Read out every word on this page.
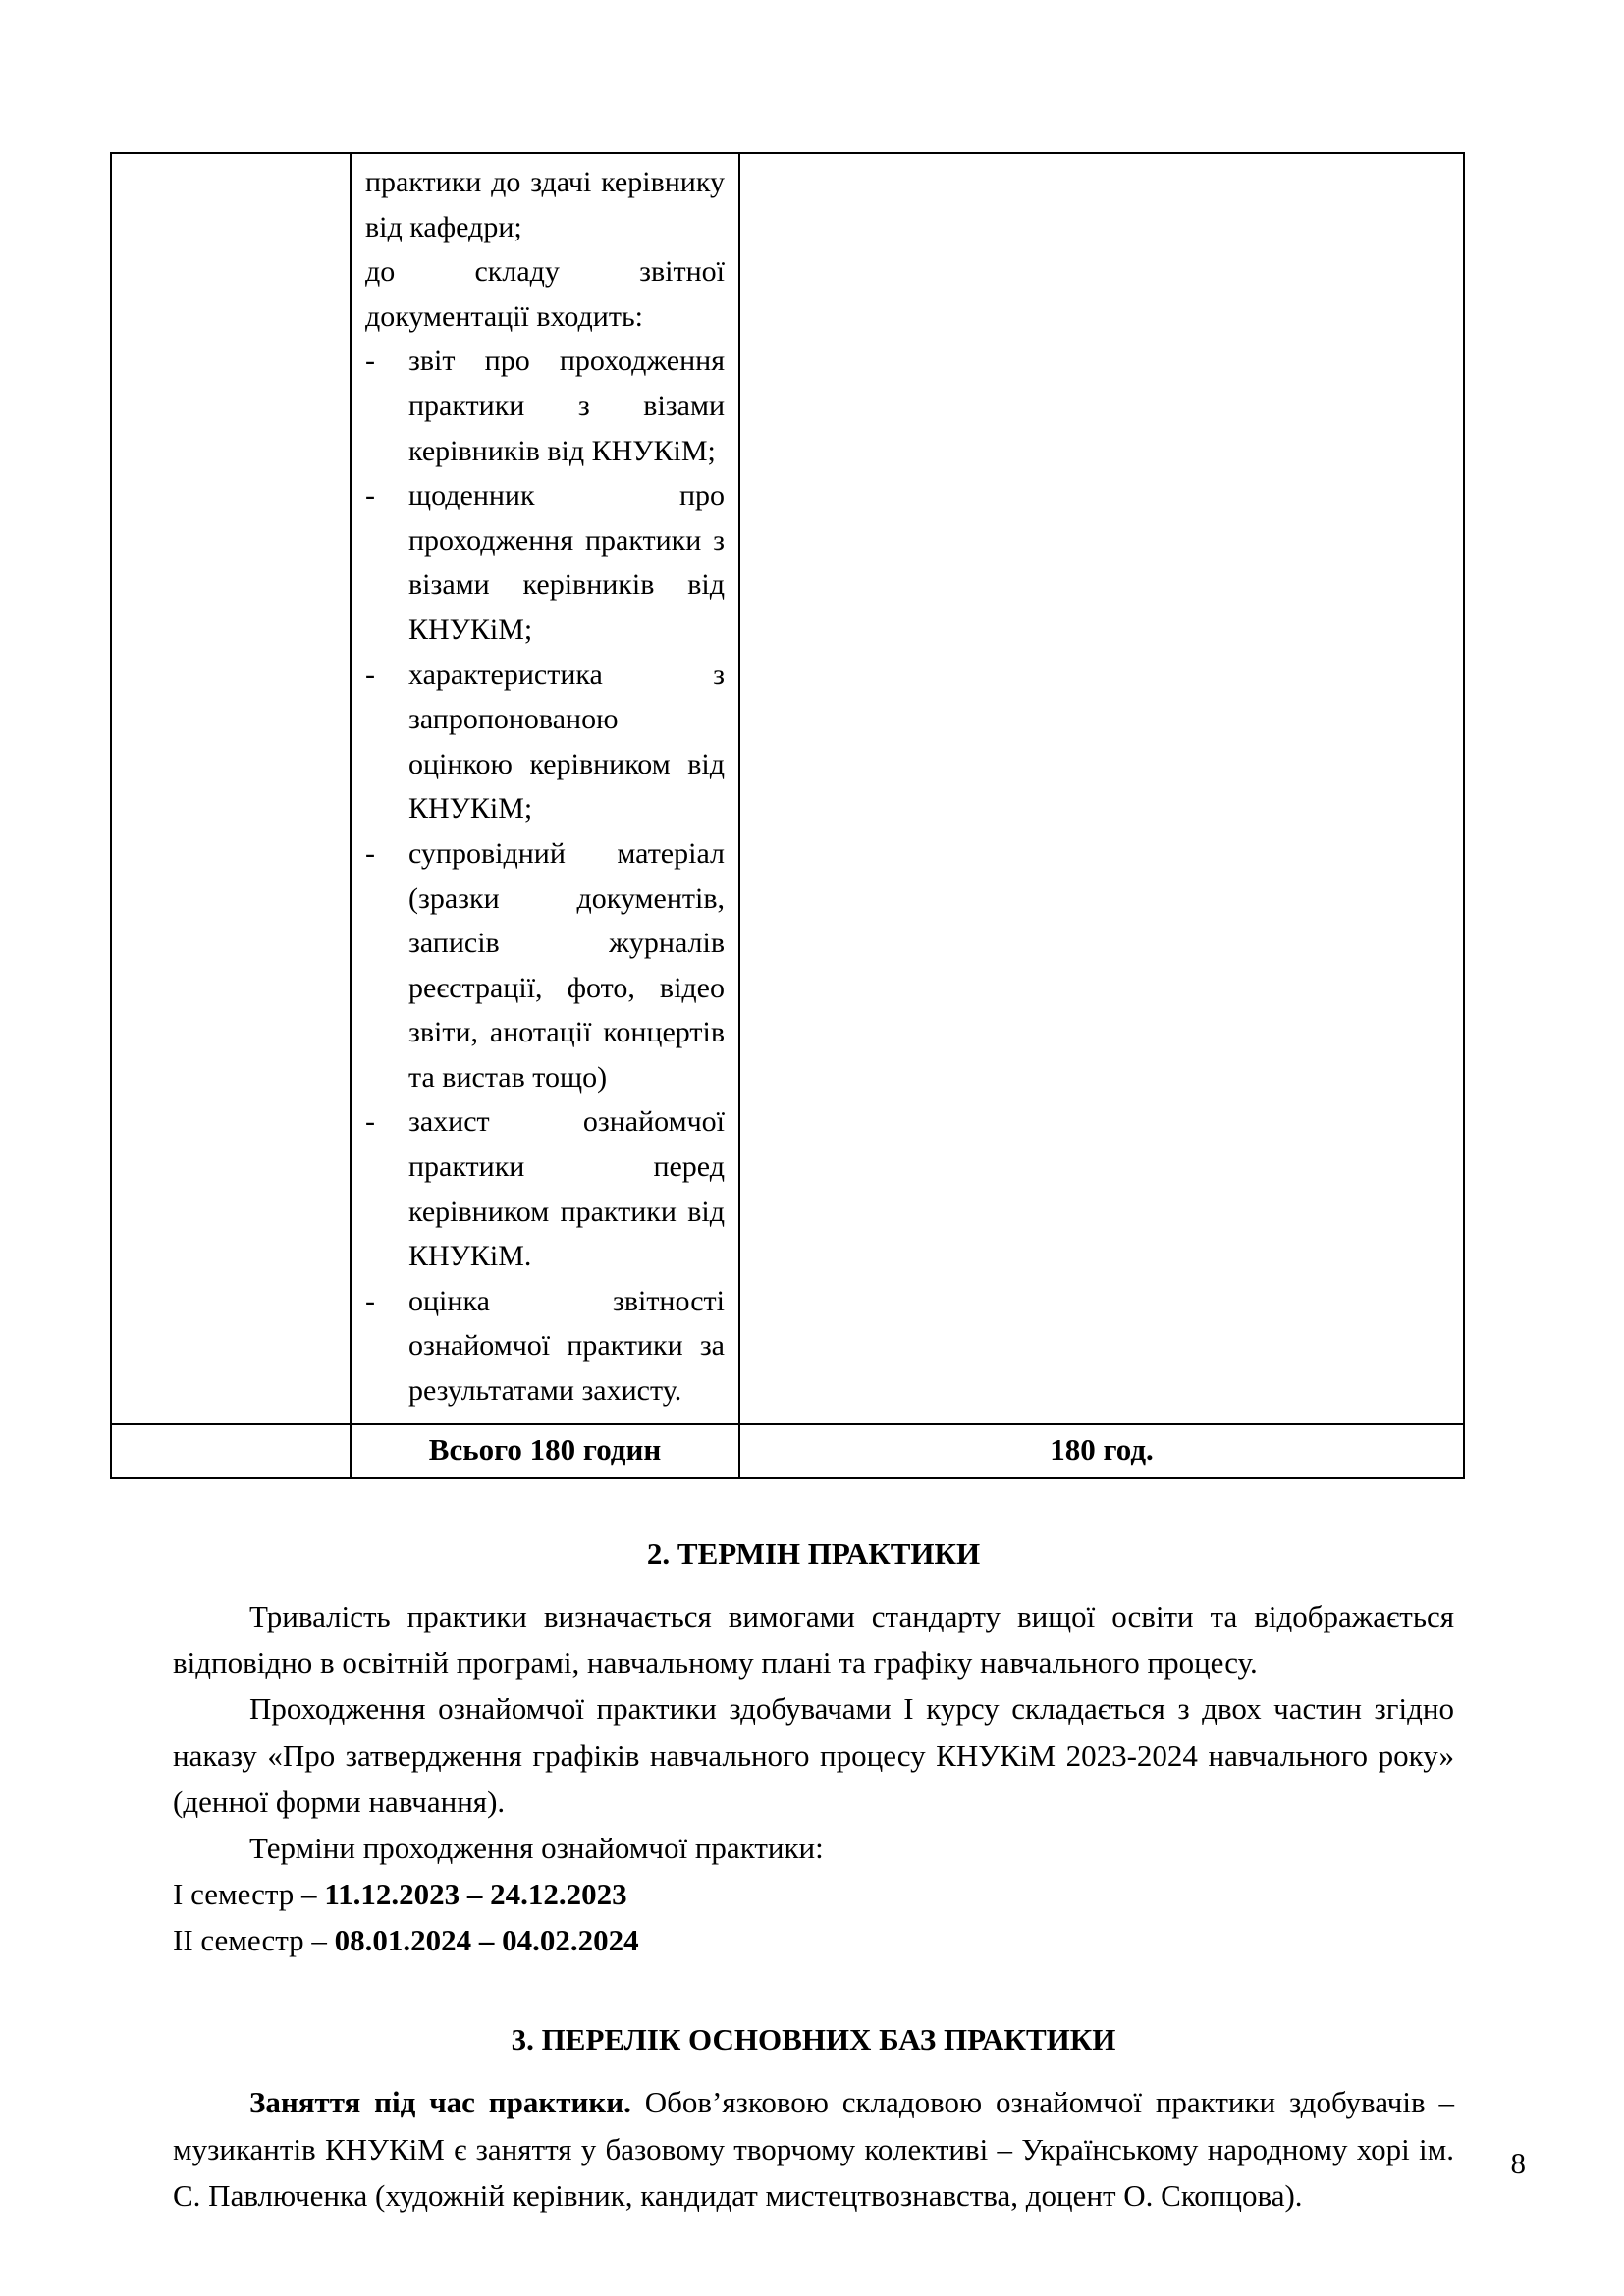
практики до здачі керівнику від кафедри;

до складу звітної документації входить:

- звіт про проходження практики з візами керівників від КНУКіМ;
- щоденник про проходження практики з візами керівників від КНУКіМ;
- характеристика з запропонованою оцінкою керівником від КНУКіМ;
- супровідний матеріал (зразки документів, записів журналів реєстрації, фото, відео звіти, анотації концертів та вистав тощо)
- захист ознайомчої практики перед керівником практики від КНУКіМ.
- оцінка звітності ознайомчої практики за результатами захисту.

	Всього 180 годин	180 год.
2. ТЕРМІН ПРАКТИКИ

Тривалість практики визначається вимогами стандарту вищої освіти та відображається відповідно в освітній програмі, навчальному плані та графіку навчального процесу.

Проходження ознайомчої практики здобувачами І курсу складається з двох частин згідно наказу «Про затвердження графіків навчального процесу КНУКіМ 2023-2024 навчального року» (денної форми навчання).

Терміни проходження ознайомчої практики:

І семестр – 11.12.2023 – 24.12.2023

ІІ семестр – 08.01.2024 – 04.02.2024

3. ПЕРЕЛІК ОСНОВНИХ БАЗ ПРАКТИКИ

Заняття під час практики. Обов’язковою складовою ознайомчої практики здобувачів – музикантів КНУКіМ є заняття у базовому творчому колективі – Українському народному хорі ім. С. Павлюченка (художній керівник, кандидат мистецтвознавства, доцент О. Скопцова).

8
